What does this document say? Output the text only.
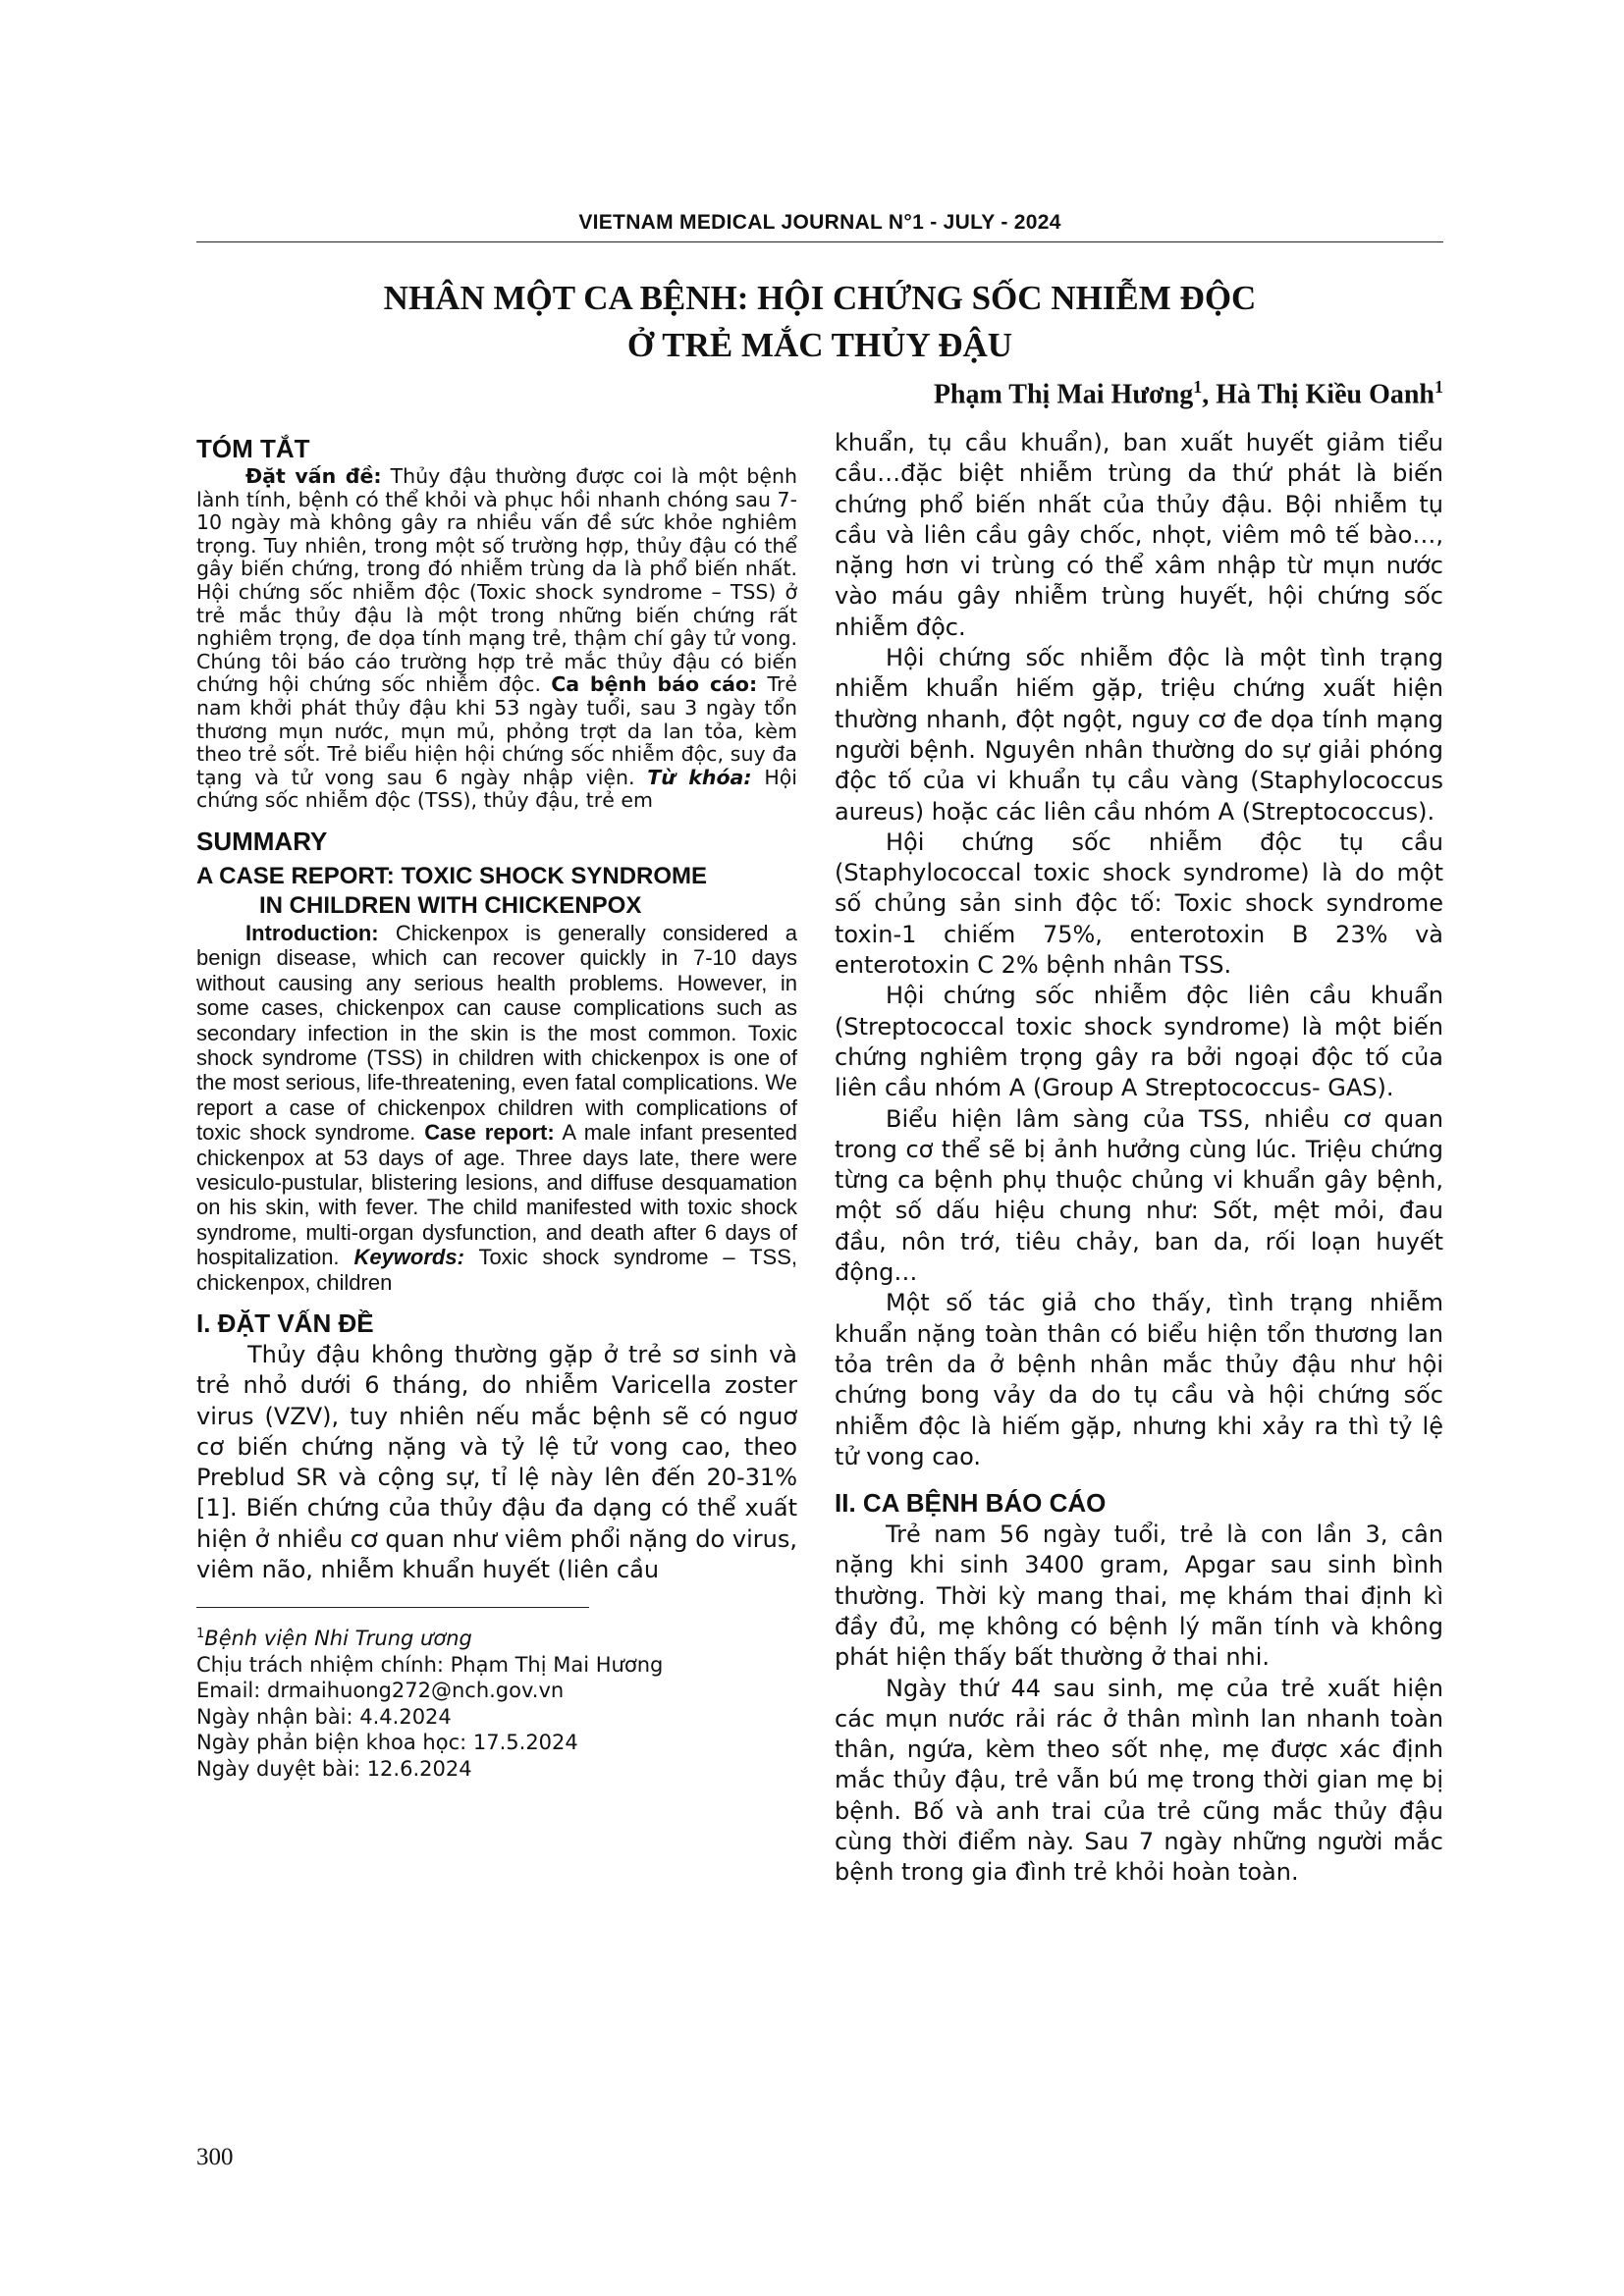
VIETNAM MEDICAL JOURNAL N°1 - JULY - 2024
NHÂN MỘT CA BỆNH: HỘI CHỨNG SỐC NHIỄM ĐỘC
Ở TRẺ MẮC THỦY ĐẬU
Phạm Thị Mai Hương$^1$, Hà Thị Kiều Oanh$^1$
TÓM TẮT

Đặt vấn đề: Thủy đậu thường được coi là một bệnh lành tính, bệnh có thể khỏi và phục hồi nhanh chóng sau 7-10 ngày mà không gây ra nhiều vấn đề sức khỏe nghiêm trọng. Tuy nhiên, trong một số trường hợp, thủy đậu có thể gây biến chứng, trong đó nhiễm trùng da là phổ biến nhất. Hội chứng sốc nhiễm độc (Toxic shock syndrome – TSS) ở trẻ mắc thủy đậu là một trong những biến chứng rất nghiêm trọng, đe dọa tính mạng trẻ, thậm chí gây tử vong. Chúng tôi báo cáo trường hợp trẻ mắc thủy đậu có biến chứng hội chứng sốc nhiễm độc. Ca bệnh báo cáo: Trẻ nam khởi phát thủy đậu khi 53 ngày tuổi, sau 3 ngày tổn thương mụn nước, mụn mủ, phỏng trợt da lan tỏa, kèm theo trẻ sốt. Trẻ biểu hiện hội chứng sốc nhiễm độc, suy đa tạng và tử vong sau 6 ngày nhập viện. Từ khóa: Hội chứng sốc nhiễm độc (TSS), thủy đậu, trẻ em

SUMMARY
A CASE REPORT: TOXIC SHOCK SYNDROME
IN CHILDREN WITH CHICKENPOX

Introduction: Chickenpox is generally considered a benign disease, which can recover quickly in 7-10 days without causing any serious health problems. However, in some cases, chickenpox can cause complications such as secondary infection in the skin is the most common. Toxic shock syndrome (TSS) in children with chickenpox is one of the most serious, life-threatening, even fatal complications. We report a case of chickenpox children with complications of toxic shock syndrome. Case report: A male infant presented chickenpox at 53 days of age. Three days late, there were vesiculo-pustular, blistering lesions, and diffuse desquamation on his skin, with fever. The child manifested with toxic shock syndrome, multi-organ dysfunction, and death after 6 days of hospitalization. Keywords: Toxic shock syndrome – TSS, chickenpox, children

I. ĐẶT VẤN ĐỀ

Thủy đậu không thường gặp ở trẻ sơ sinh và trẻ nhỏ dưới 6 tháng, do nhiễm Varicella zoster virus (VZV), tuy nhiên nếu mắc bệnh sẽ có nguơ cơ biến chứng nặng và tỷ lệ tử vong cao, theo Preblud SR và cộng sự, tỉ lệ này lên đến 20-31% [1]. Biến chứng của thủy đậu đa dạng có thể xuất hiện ở nhiều cơ quan như viêm phổi nặng do virus, viêm não, nhiễm khuẩn huyết (liên cầu

$^1$Bệnh viện Nhi Trung ương
Chịu trách nhiệm chính: Phạm Thị Mai Hương
Email: drmaihuong272@nch.gov.vn
Ngày nhận bài: 4.4.2024
Ngày phản biện khoa học: 17.5.2024
Ngày duyệt bài: 12.6.2024

khuẩn, tụ cầu khuẩn), ban xuất huyết giảm tiểu cầu…đặc biệt nhiễm trùng da thứ phát là biến chứng phổ biến nhất của thủy đậu. Bội nhiễm tụ cầu và liên cầu gây chốc, nhọt, viêm mô tế bào…, nặng hơn vi trùng có thể xâm nhập từ mụn nước vào máu gây nhiễm trùng huyết, hội chứng sốc nhiễm độc.

Hội chứng sốc nhiễm độc là một tình trạng nhiễm khuẩn hiếm gặp, triệu chứng xuất hiện thường nhanh, đột ngột, nguy cơ đe dọa tính mạng người bệnh. Nguyên nhân thường do sự giải phóng độc tố của vi khuẩn tụ cầu vàng (Staphylococcus aureus) hoặc các liên cầu nhóm A (Streptococcus).

Hội chứng sốc nhiễm độc tụ cầu (Staphylococcal toxic shock syndrome) là do một số chủng sản sinh độc tố: Toxic shock syndrome toxin-1 chiếm 75%, enterotoxin B 23% và enterotoxin C 2% bệnh nhân TSS.

Hội chứng sốc nhiễm độc liên cầu khuẩn (Streptococcal toxic shock syndrome) là một biến chứng nghiêm trọng gây ra bởi ngoại độc tố của liên cầu nhóm A (Group A Streptococcus- GAS).

Biểu hiện lâm sàng của TSS, nhiều cơ quan trong cơ thể sẽ bị ảnh hưởng cùng lúc. Triệu chứng từng ca bệnh phụ thuộc chủng vi khuẩn gây bệnh, một số dấu hiệu chung như: Sốt, mệt mỏi, đau đầu, nôn trớ, tiêu chảy, ban da, rối loạn huyết động…

Một số tác giả cho thấy, tình trạng nhiễm khuẩn nặng toàn thân có biểu hiện tổn thương lan tỏa trên da ở bệnh nhân mắc thủy đậu như hội chứng bong vảy da do tụ cầu và hội chứng sốc nhiễm độc là hiếm gặp, nhưng khi xảy ra thì tỷ lệ tử vong cao.

II. CA BỆNH BÁO CÁO

Trẻ nam 56 ngày tuổi, trẻ là con lần 3, cân nặng khi sinh 3400 gram, Apgar sau sinh bình thường. Thời kỳ mang thai, mẹ khám thai định kì đầy đủ, mẹ không có bệnh lý mãn tính và không phát hiện thấy bất thường ở thai nhi.

Ngày thứ 44 sau sinh, mẹ của trẻ xuất hiện các mụn nước rải rác ở thân mình lan nhanh toàn thân, ngứa, kèm theo sốt nhẹ, mẹ được xác định mắc thủy đậu, trẻ vẫn bú mẹ trong thời gian mẹ bị bệnh. Bố và anh trai của trẻ cũng mắc thủy đậu cùng thời điểm này. Sau 7 ngày những người mắc bệnh trong gia đình trẻ khỏi hoàn toàn.

300
